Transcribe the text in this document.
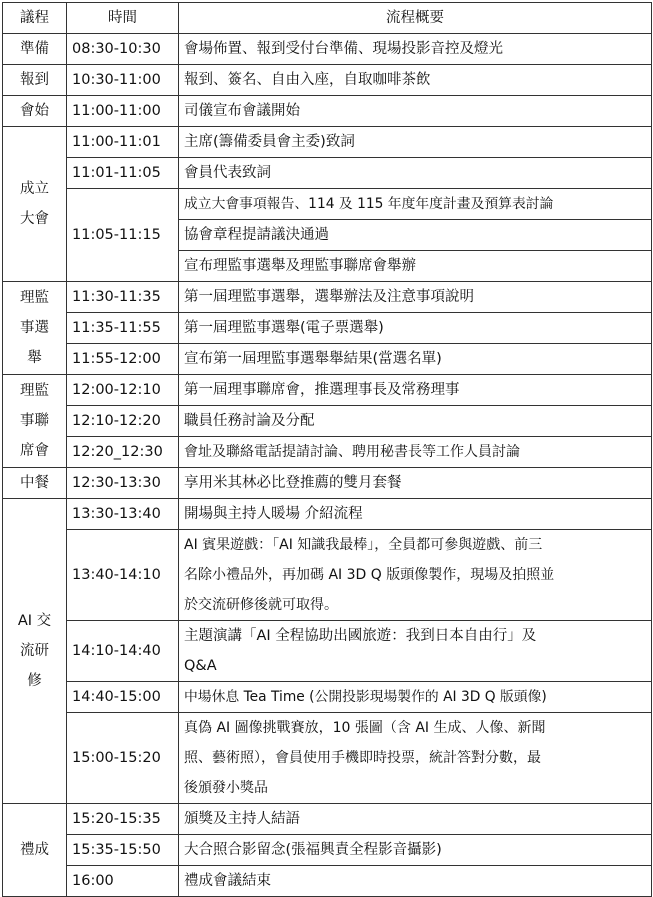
議程	時間	流程概要
準備	08:30-10:30	會場佈置、報到受付台準備、現場投影音控及燈光
報到	10:30-11:00	報到、簽名、自由入座，自取咖啡茶飲
會始	11:00-11:00	司儀宣布會議開始

成立
大會	11:00-11:01	主席(籌備委員會主委)致詞
	11:01-11:05	會員代表致詞
	11:05-11:15	成立大會事項報告、114 及 115 年度年度計畫及預算表討論
		協會章程提請議決通過
		宣布理監事選舉及理監事聯席會舉辦

理監
事選
舉	11:30-11:35	第一屆理監事選舉，選舉辦法及注意事項說明
	11:35-11:55	第一屆理監事選舉(電子票選舉)
	11:55-12:00	宣布第一屆理監事選舉舉結果(當選名單)

理監
事聯
席會	12:00-12:10	第一屆理事聯席會，推選理事長及常務理事
	12:10-12:20	職員任務討論及分配
	12:20_12:30	會址及聯絡電話提請討論、聘用秘書長等工作人員討論
中餐	12:30-13:30	享用米其林必比登推薦的雙月套餐

AI 交
流研
修	13:30-13:40	開場與主持人暖場 介紹流程
	13:40-14:10	AI 賓果遊戲：「AI 知識我最棒」，全員都可參與遊戲、前三
名除小禮品外，再加碼 AI 3D Q 版頭像製作，現場及拍照並
於交流研修後就可取得。

	14:10-14:40	主題演講「AI 全程協助出國旅遊：我到日本自由行」及
Q&A

	14:40-15:00	中場休息 Tea Time (公開投影現場製作的 AI 3D Q 版頭像)
	15:00-15:20	真偽 AI 圖像挑戰賽放，10 張圖（含 AI 生成、人像、新聞
照、藝術照），會員使用手機即時投票，統計答對分數，最
後頒發小獎品

禮成	15:20-15:35	頒獎及主持人結語
	15:35-15:50	大合照合影留念(張福興責全程影音攝影)
	16:00	禮成會議結束
